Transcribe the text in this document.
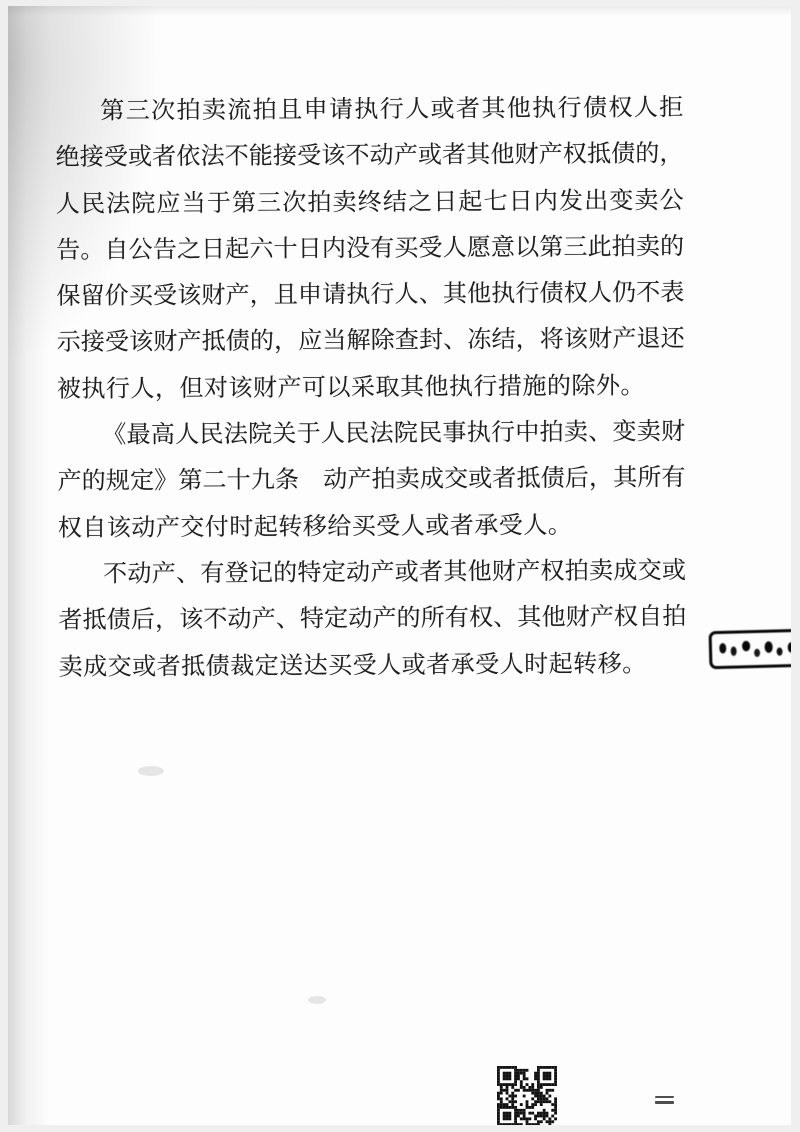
第 三 次 拍 卖 流 拍 且 申 请 执 行 人 或 者 其 他 执 行 债 权 人 拒
绝 接 受 或 者 依 法 不 能 接 受 该 不 动 产 或 者 其 他 财 产 权 抵 债 的 ，
人 民 法 院 应 当 于 第 三 次 拍 卖 终 结 之 日 起 七 日 内 发 出 变 卖 公
告 。 自 公 告 之 日 起 六 十 日 内 没 有 买 受 人 愿 意 以 第 三 此 拍 卖 的
保 留 价 买 受 该 财 产 ， 且 申 请 执 行 人 、 其 他 执 行 债 权 人 仍 不 表
示 接 受 该 财 产 抵 债 的 ， 应 当 解 除 查 封 、 冻 结 ， 将 该 财 产 退 还
被执行人，但对该财产可以采取其他执行措施的除外。
《 最 高 人 民 法 院 关 于 人 民 法 院 民 事 执 行 中 拍 卖 、 变 卖 财
产 的 规 定 》 第 二 十 九 条
　 动 产 拍 卖 成 交 或 者 抵 债 后 ， 其 所 有
权自该动产交付时起转移给买受人或者承受人。
不 动 产 、 有 登 记 的 特 定 动 产 或 者 其 他 财 产 权 拍 卖 成 交 或
者 抵 债 后 ， 该 不 动 产 、 特 定 动 产 的 所 有 权 、 其 他 财 产 权 自 拍
卖成交或者抵债裁定送达买受人或者承受人时起转移。
